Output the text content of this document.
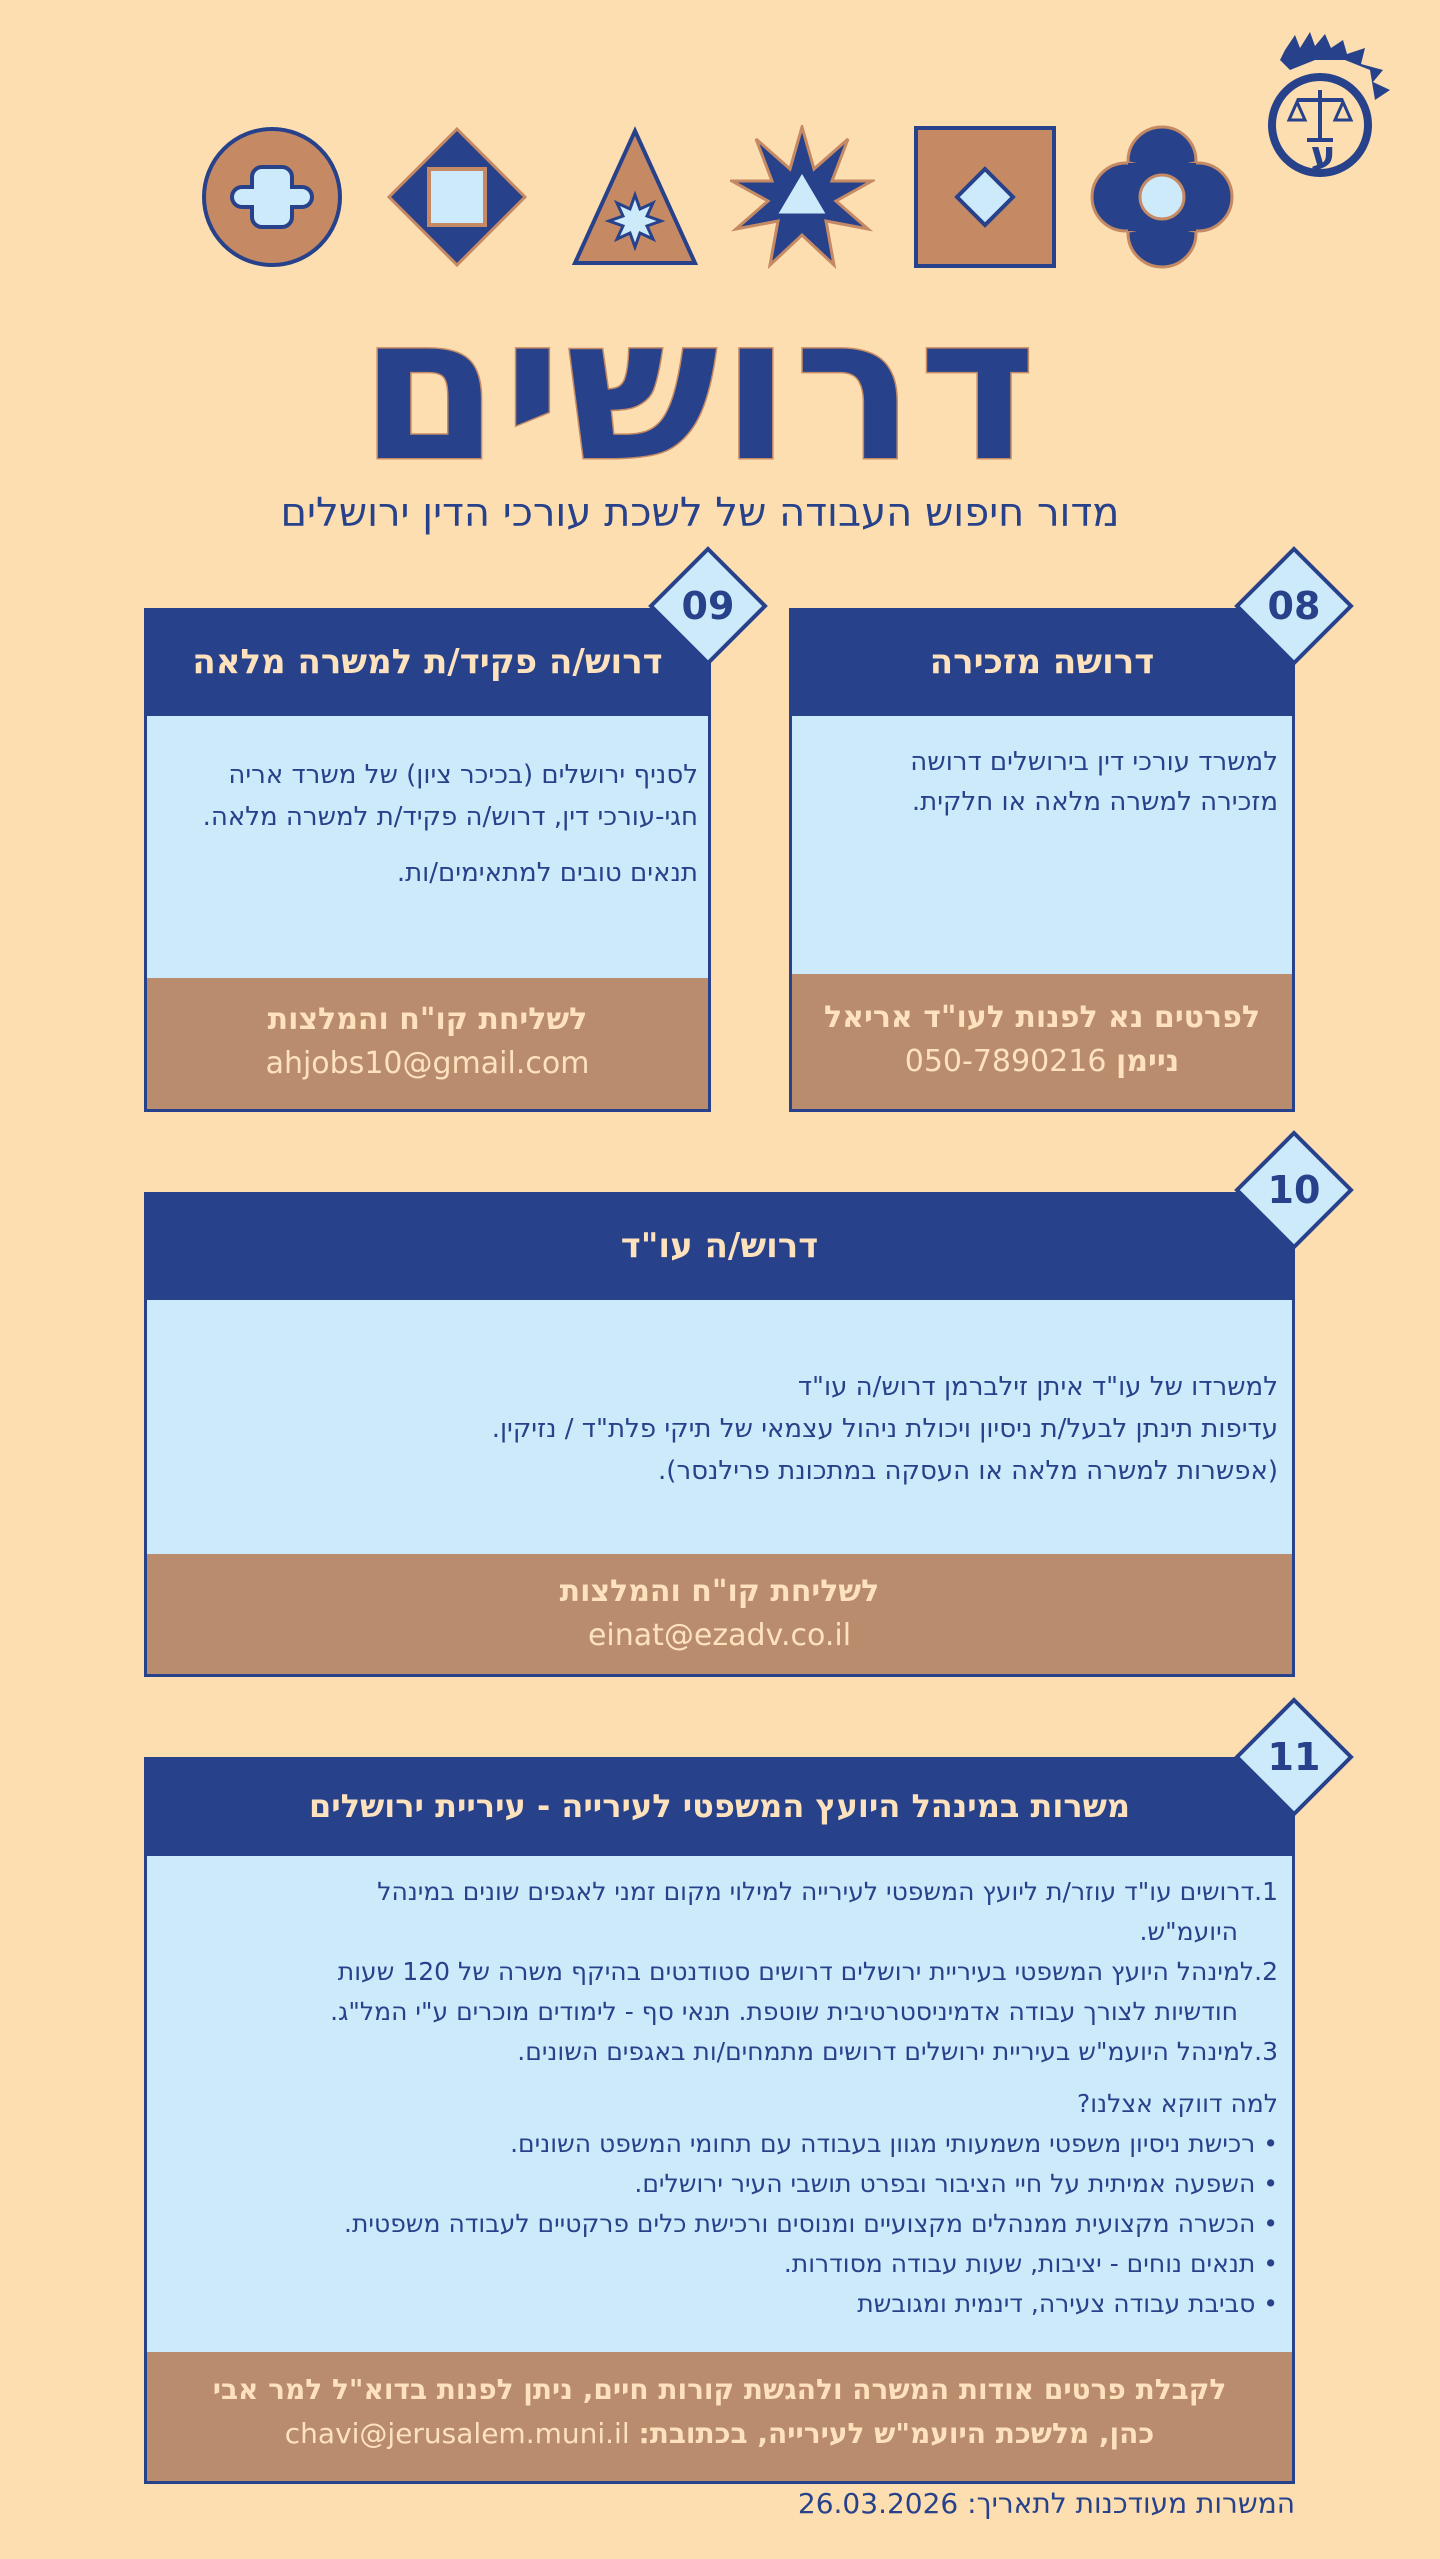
ע
דרושים
מדור חיפוש העבודה של לשכת עורכי הדין ירושלים
דרושה מזכירה

למשרד עורכי דין בירושלים דרושה

מזכירה למשרה מלאה או חלקית.

לפרטים נא לפנות לעו"ד אריאל

ניימן 050-7890216

08
דרוש/ה פקיד/ת למשרה מלאה

לסניף ירושלים (בכיכר ציון) של משרד אריה

חגי-עורכי דין, דרוש/ה פקיד/ת למשרה מלאה.

תנאים טובים למתאימים/ות.

לשליחת קו"ח והמלצות

ahjobs10@gmail.com

09
דרוש/ה עו"ד

למשרדו של עו"ד איתן זילברמן דרוש/ה עו"ד

עדיפות תינתן לבעל/ת ניסיון ויכולת ניהול עצמאי של תיקי פלת"ד / נזיקין.

(אפשרות למשרה מלאה או העסקה במתכונת פרילנסר).

לשליחת קו"ח והמלצות

einat@ezadv.co.il

10
משרות במינהל היועץ המשפטי לעירייה - עיריית ירושלים

1.דרושים עו"ד עוזר/ת ליועץ המשפטי לעירייה למילוי מקום זמני לאגפים שונים במינהל

היועמ"ש.

2.למינהל היועץ המשפטי בעיריית ירושלים דרושים סטודנטים בהיקף משרה של 120 שעות

חודשיות לצורך עבודה אדמיניסטרטיבית שוטפת. תנאי סף - לימודים מוכרים ע"י המל"ג.

3.למינהל היועמ"ש בעיריית ירושלים דרושים מתמחים/ות באגפים השונים.

למה דווקא אצלנו?

• רכישת ניסיון משפטי משמעותי מגוון בעבודה עם תחומי המשפט השונים.
• השפעה אמיתית על חיי הציבור ובפרט תושבי העיר ירושלים.
• הכשרה מקצועית ממנהלים מקצועיים ומנוסים ורכישת כלים פרקטיים לעבודה משפטית.
• תנאים נוחים - יציבות, שעות עבודה מסודרות.
• סביבת עבודה צעירה, דינמית ומגובשת

לקבלת פרטים אודות המשרה ולהגשת קורות חיים, ניתן לפנות בדוא"ל למר אבי

כהן, מלשכת היועמ"ש לעירייה, בכתובת: chavi@jerusalem.muni.il

11
המשרות מעודכנות לתאריך: 26.03.2026
